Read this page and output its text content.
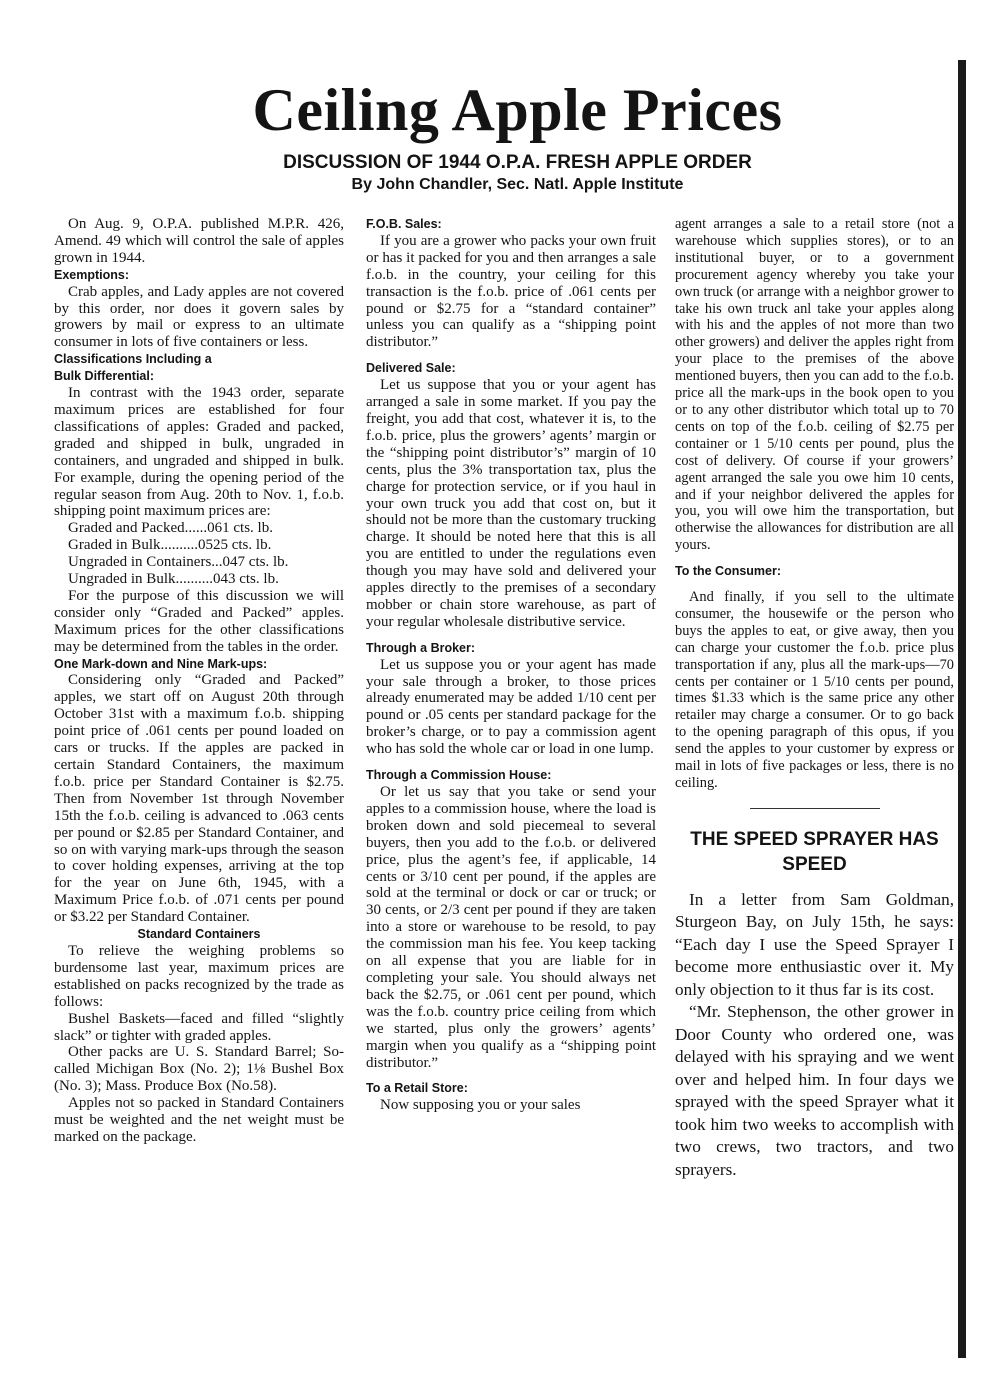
Ceiling Apple Prices
DISCUSSION OF 1944 O.P.A. FRESH APPLE ORDER
By John Chandler, Sec. Natl. Apple Institute

On Aug. 9, O.P.A. published M.P.R. 426, Amend. 49 which will control the sale of apples grown in 1944.

Exemptions:

Crab apples, and Lady apples are not covered by this order, nor does it govern sales by growers by mail or express to an ultimate consumer in lots of five containers or less.

Classifications Including a
Bulk Differential:

In contrast with the 1943 order, separate maximum prices are established for four classifications of apples: Graded and packed, graded and shipped in bulk, ungraded in containers, and ungraded and shipped in bulk. For example, during the opening period of the regular season from Aug. 20th to Nov. 1, f.o.b. shipping point maximum prices are:

Graded and Packed......061 cts. lb.
Graded in Bulk..........0525 cts. lb.
Ungraded in Containers...047 cts. lb.
Ungraded in Bulk..........043 cts. lb.

For the purpose of this discussion we will consider only “Graded and Packed” apples. Maximum prices for the other classifications may be determined from the tables in the order.

One Mark-down and Nine Mark-ups:

Considering only “Graded and Packed” apples, we start off on August 20th through October 31st with a maximum f.o.b. shipping point price of .061 cents per pound loaded on cars or trucks. If the apples are packed in certain Standard Containers, the maximum f.o.b. price per Standard Container is $2.75. Then from November 1st through November 15th the f.o.b. ceiling is advanced to .063 cents per pound or $2.85 per Standard Container, and so on with varying mark-ups through the season to cover holding expenses, arriving at the top for the year on June 6th, 1945, with a Maximum Price f.o.b. of .071 cents per pound or $3.22 per Standard Container.

Standard Containers

To relieve the weighing problems so burdensome last year, maximum prices are established on packs recognized by the trade as follows:

Bushel Baskets—faced and filled “slightly slack” or tighter with graded apples.

Other packs are U. S. Standard Barrel; So-called Michigan Box (No. 2); 1⅛ Bushel Box (No. 3); Mass. Produce Box (No.58).

Apples not so packed in Standard Containers must be weighted and the net weight must be marked on the package.

F.O.B. Sales:

If you are a grower who packs your own fruit or has it packed for you and then arranges a sale f.o.b. in the country, your ceiling for this transaction is the f.o.b. price of .061 cents per pound or $2.75 for a “standard container” unless you can qualify as a “shipping point distributor.”

Delivered Sale:

Let us suppose that you or your agent has arranged a sale in some market. If you pay the freight, you add that cost, whatever it is, to the f.o.b. price, plus the growers’ agents’ margin or the “shipping point distributor’s” margin of 10 cents, plus the 3% transportation tax, plus the charge for protection service, or if you haul in your own truck you add that cost on, but it should not be more than the customary trucking charge. It should be noted here that this is all you are entitled to under the regulations even though you may have sold and delivered your apples directly to the premises of a secondary mobber or chain store warehouse, as part of your regular wholesale distributive service.

Through a Broker:

Let us suppose you or your agent has made your sale through a broker, to those prices already enumerated may be added 1/10 cent per pound or .05 cents per standard package for the broker’s charge, or to pay a commission agent who has sold the whole car or load in one lump.

Through a Commission House:

Or let us say that you take or send your apples to a commission house, where the load is broken down and sold piecemeal to several buyers, then you add to the f.o.b. or delivered price, plus the agent’s fee, if applicable, 14 cents or 3/10 cent per pound, if the apples are sold at the terminal or dock or car or truck; or 30 cents, or 2/3 cent per pound if they are taken into a store or warehouse to be resold, to pay the commission man his fee. You keep tacking on all expense that you are liable for in completing your sale. You should always net back the $2.75, or .061 cent per pound, which was the f.o.b. country price ceiling from which we started, plus only the growers’ agents’ margin when you qualify as a “shipping point distributor.”

To a Retail Store:

Now supposing you or your sales

agent arranges a sale to a retail store (not a warehouse which supplies stores), or to an institutional buyer, or to a government procurement agency whereby you take your own truck (or arrange with a neighbor grower to take his own truck anl take your apples along with his and the apples of not more than two other growers) and deliver the apples right from your place to the premises of the above mentioned buyers, then you can add to the f.o.b. price all the mark-ups in the book open to you or to any other distributor which total up to 70 cents on top of the f.o.b. ceiling of $2.75 per container or 1 5/10 cents per pound, plus the cost of delivery. Of course if your growers’ agent arranged the sale you owe him 10 cents, and if your neighbor delivered the apples for you, you will owe him the transportation, but otherwise the allowances for distribution are all yours.

To the Consumer:

And finally, if you sell to the ultimate consumer, the housewife or the person who buys the apples to eat, or give away, then you can charge your customer the f.o.b. price plus transportation if any, plus all the mark-ups—70 cents per container or 1 5/10 cents per pound, times $1.33 which is the same price any other retailer may charge a consumer. Or to go back to the opening paragraph of this opus, if you send the apples to your customer by express or mail in lots of five packages or less, there is no ceiling.

THE SPEED SPRAYER HAS SPEED

In a letter from Sam Goldman, Sturgeon Bay, on July 15th, he says: “Each day I use the Speed Sprayer I become more enthusiastic over it. My only objection to it thus far is its cost.

“Mr. Stephenson, the other grower in Door County who ordered one, was delayed with his spraying and we went over and helped him. In four days we sprayed with the speed Sprayer what it took him two weeks to accomplish with two crews, two tractors, and two sprayers.
